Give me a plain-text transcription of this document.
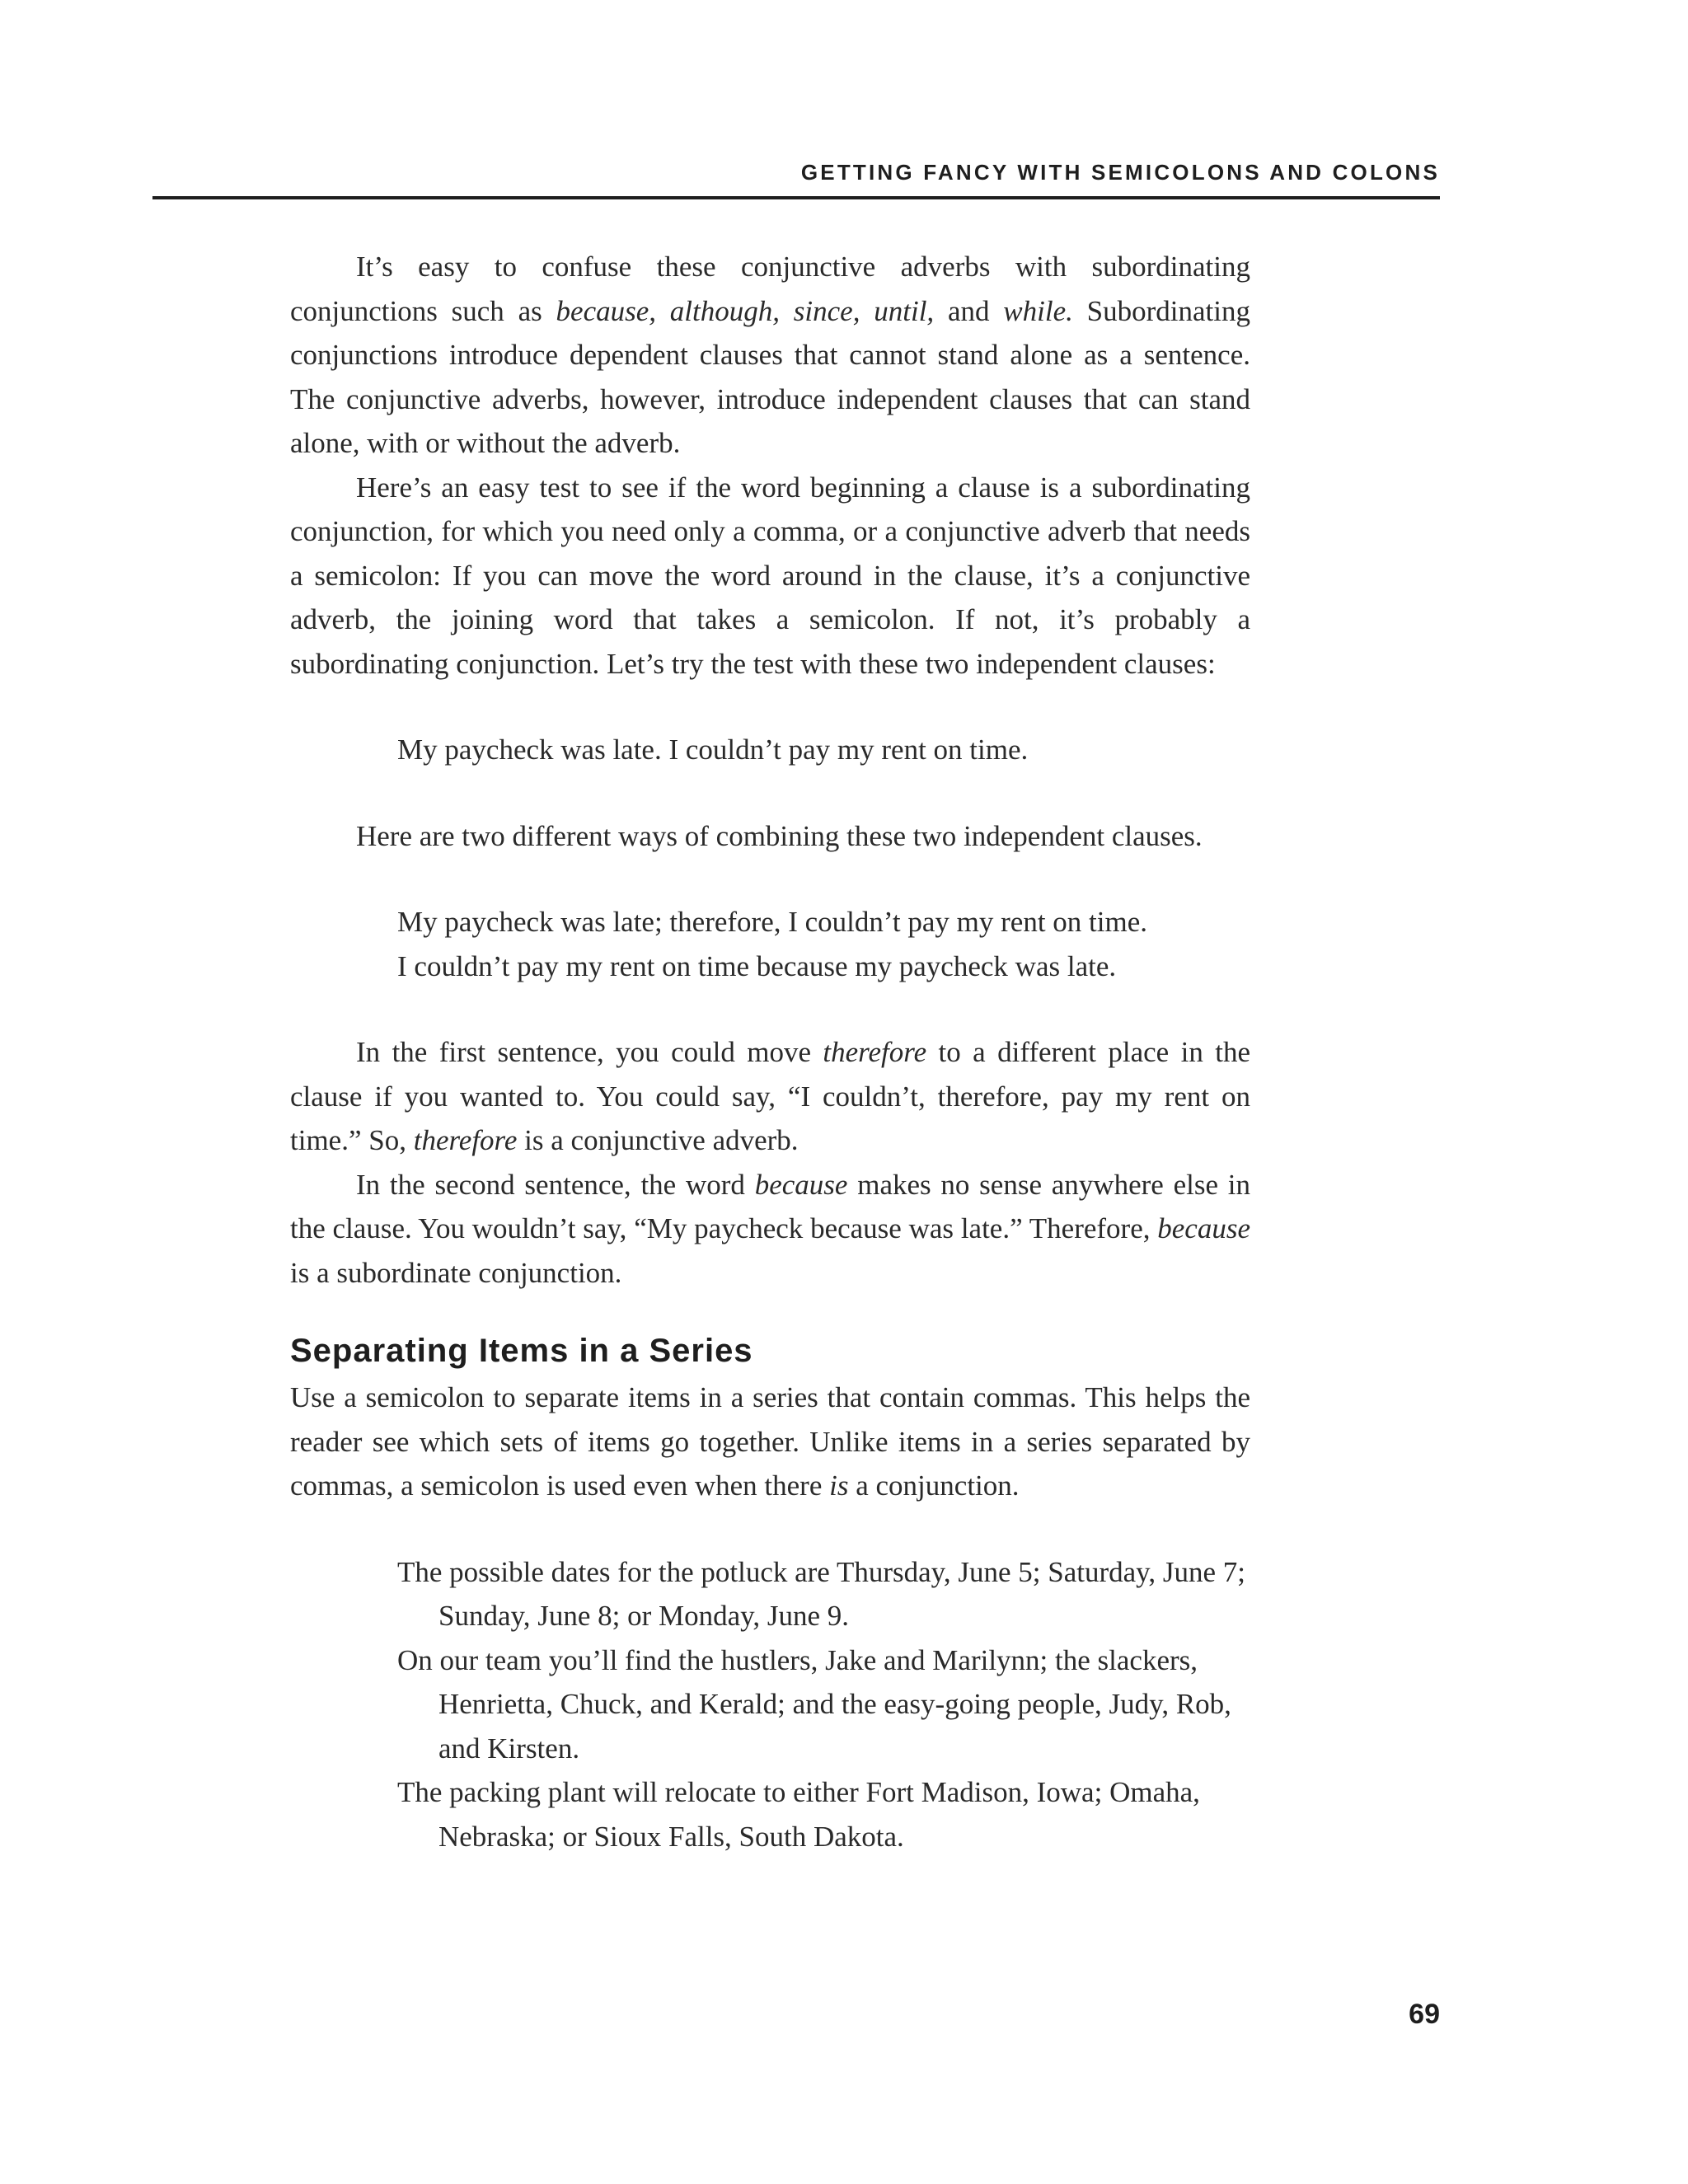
GETTING FANCY WITH SEMICOLONS AND COLONS

It’s easy to confuse these conjunctive adverbs with subordinating conjunctions such as because, although, since, until, and while. Subordinating conjunctions introduce dependent clauses that cannot stand alone as a sentence. The conjunctive adverbs, however, introduce independent clauses that can stand alone, with or without the adverb.

Here’s an easy test to see if the word beginning a clause is a subordinating conjunction, for which you need only a comma, or a conjunctive adverb that needs a semicolon: If you can move the word around in the clause, it’s a conjunctive adverb, the joining word that takes a semicolon. If not, it’s probably a subordinating conjunction. Let’s try the test with these two independent clauses:

My paycheck was late. I couldn’t pay my rent on time.

Here are two different ways of combining these two independent clauses.

My paycheck was late; therefore, I couldn’t pay my rent on time.

I couldn’t pay my rent on time because my paycheck was late.

In the first sentence, you could move therefore to a different place in the clause if you wanted to. You could say, “I couldn’t, therefore, pay my rent on time.” So, therefore is a conjunctive adverb.

In the second sentence, the word because makes no sense anywhere else in the clause. You wouldn’t say, “My paycheck because was late.” Therefore, because is a subordinate conjunction.

Separating Items in a Series

Use a semicolon to separate items in a series that contain commas. This helps the reader see which sets of items go together. Unlike items in a series separated by commas, a semicolon is used even when there is a conjunction.

The possible dates for the potluck are Thursday, June 5; Saturday, June 7; Sunday, June 8; or Monday, June 9.

On our team you’ll find the hustlers, Jake and Marilynn; the slackers, Henrietta, Chuck, and Kerald; and the easy-going people, Judy, Rob, and Kirsten.

The packing plant will relocate to either Fort Madison, Iowa; Omaha, Nebraska; or Sioux Falls, South Dakota.

69
